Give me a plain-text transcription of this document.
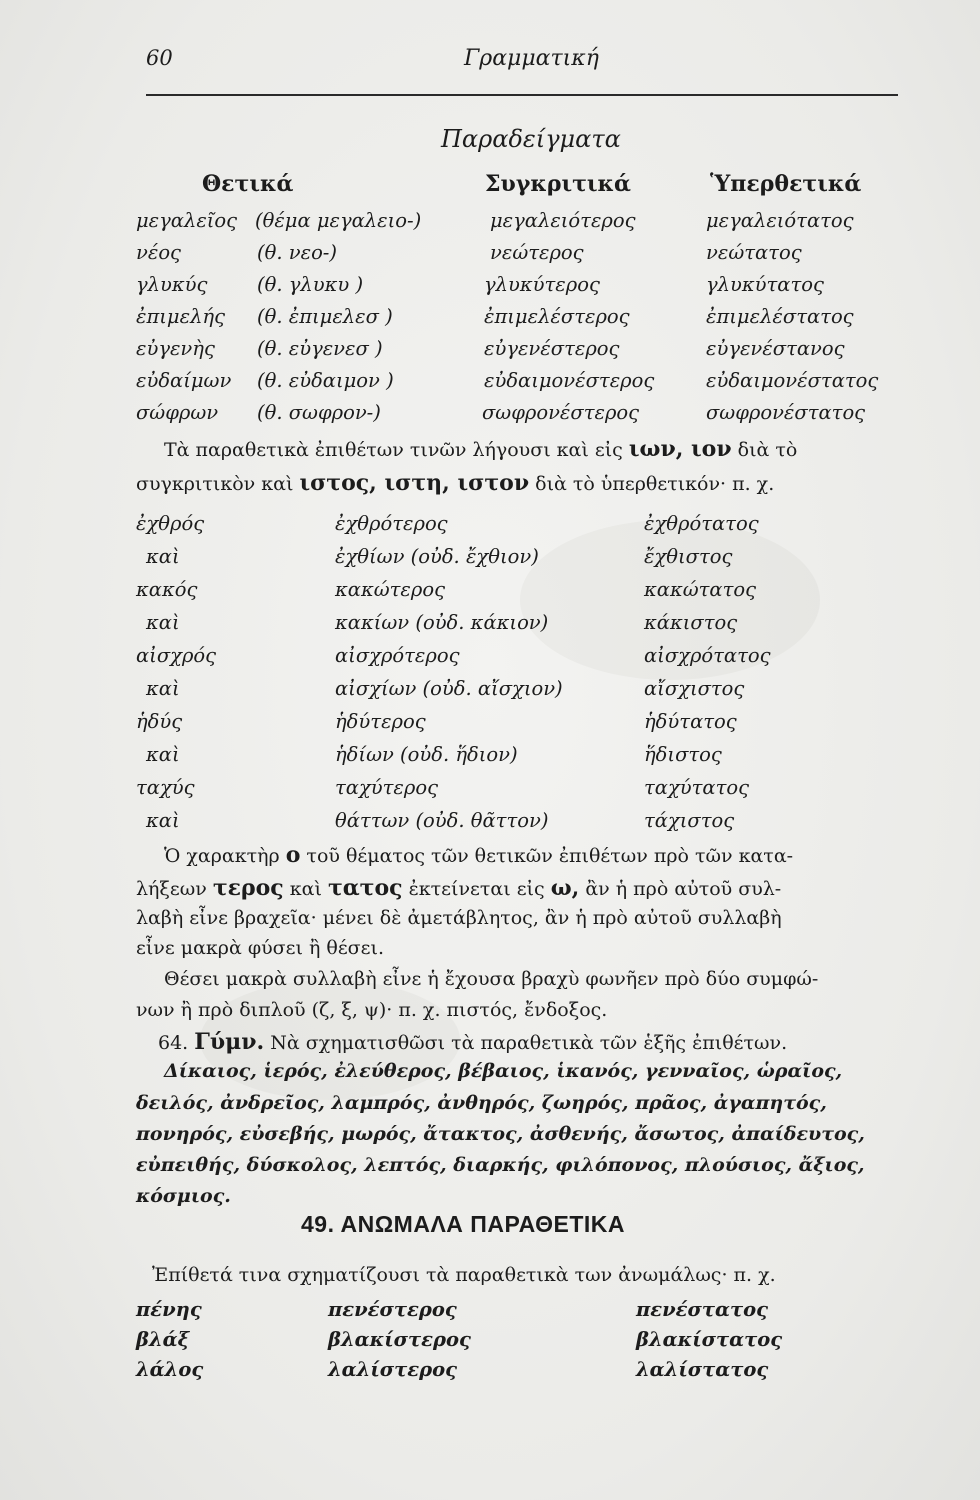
60	Γραμματική
Παραδείγματα
Θετικά	Συγκριτικά	Ὑπερθετικά
μεγαλεῖος (θέμα μεγαλειο-)	μεγαλειότερος	μεγαλειότατος
νέος	(θ. νεο-)	νεώτερος	νεώτατος
γλυκύς	(θ. γλυκυ )	γλυκύτερος	γλυκύτατος
ἐπιμελής (θ. ἐπιμελεσ )	ἐπιμελέστερος	ἐπιμελέστατος
εὐγενὴς (θ. εὐγενεσ )	εὐγενέστερος	εὐγενέστανος
εὐδαίμων (θ. εὐδαιμον )	εὐδαιμονέστερος	εὐδαιμονέστατος
σώφρων (θ. σωφρον-)	σωφρονέστερος	σωφρονέστατος
Τὰ παραθετικὰ ἐπιθέτων τινῶν λήγουσι καὶ εἰς ιων, ιον διὰ τὸ
συγκριτικὸν καὶ ιστος, ιστη, ιστον διὰ τὸ ὑπερθετικόν· π. χ.
ἐχθρός	ἐχθρότερος	ἐχθρότατος
καὶ	ἐχθίων (οὐδ. ἔχθιον)	ἔχθιστος
κακός	κακώτερος	κακώτατος
καὶ	κακίων (οὐδ. κάκιον)	κάκιστος
αἰσχρός	αἰσχρότερος	αἰσχρότατος
καὶ	αἰσχίων (οὐδ. αἴσχιον)	αἴσχιστος
ἡδύς	ἡδύτερος	ἡδύτατος
καὶ	ἡδίων (οὐδ. ἥδιον)	ἥδιστος
ταχύς	ταχύτερος	ταχύτατος
καὶ	θάττων (οὐδ. θᾶττον)	τάχιστος
Ὁ χαρακτὴρ ο τοῦ θέματος τῶν θετικῶν ἐπιθέτων πρὸ τῶν κατα-
λήξεων τερος καὶ τατος ἐκτείνεται εἰς ω, ἂν ἡ πρὸ αὐτοῦ συλ-
λαβὴ εἶνε βραχεῖα· μένει δὲ ἀμετάβλητος, ἂν ἡ πρὸ αὐτοῦ συλλαβὴ
εἶνε μακρὰ φύσει ἢ θέσει.
Θέσει μακρὰ συλλαβὴ εἶνε ἡ ἔχουσα βραχὺ φωνῆεν πρὸ δύο συμφώ-
νων ἢ πρὸ διπλοῦ (ζ, ξ, ψ)· π. χ. πιστός, ἔνδοξος.
64. Γύμν. Νὰ σχηματισθῶσι τὰ παραθετικὰ τῶν ἑξῆς ἐπιθέτων.
Δίκαιος, ἱερός, ἐλεύθερος, βέβαιος, ἱκανός, γενναῖος, ὡραῖος,
δειλός, ἀνδρεῖος, λαμπρός, ἀνθηρός, ζωηρός, πρᾶος, ἀγαπητός,
πονηρός, εὐσεβής, μωρός, ἄτακτος, ἀσθενής, ἄσωτος, ἀπαίδευτος,
εὐπειθής, δύσκολος, λεπτός, διαρκής, φιλόπονος, πλούσιος, ἄξιος,
κόσμιος.
49. ΑΝΩΜΑΛΑ ΠΑΡΑΘΕΤΙΚΑ
Ἐπίθετά τινα σχηματίζουσι τὰ παραθετικὰ των ἀνωμάλως· π. χ.
πένης	πενέστερος	πενέστατος
βλάξ	βλακίστερος	βλακίστατος
λάλος	λαλίστερος	λαλίστατος
